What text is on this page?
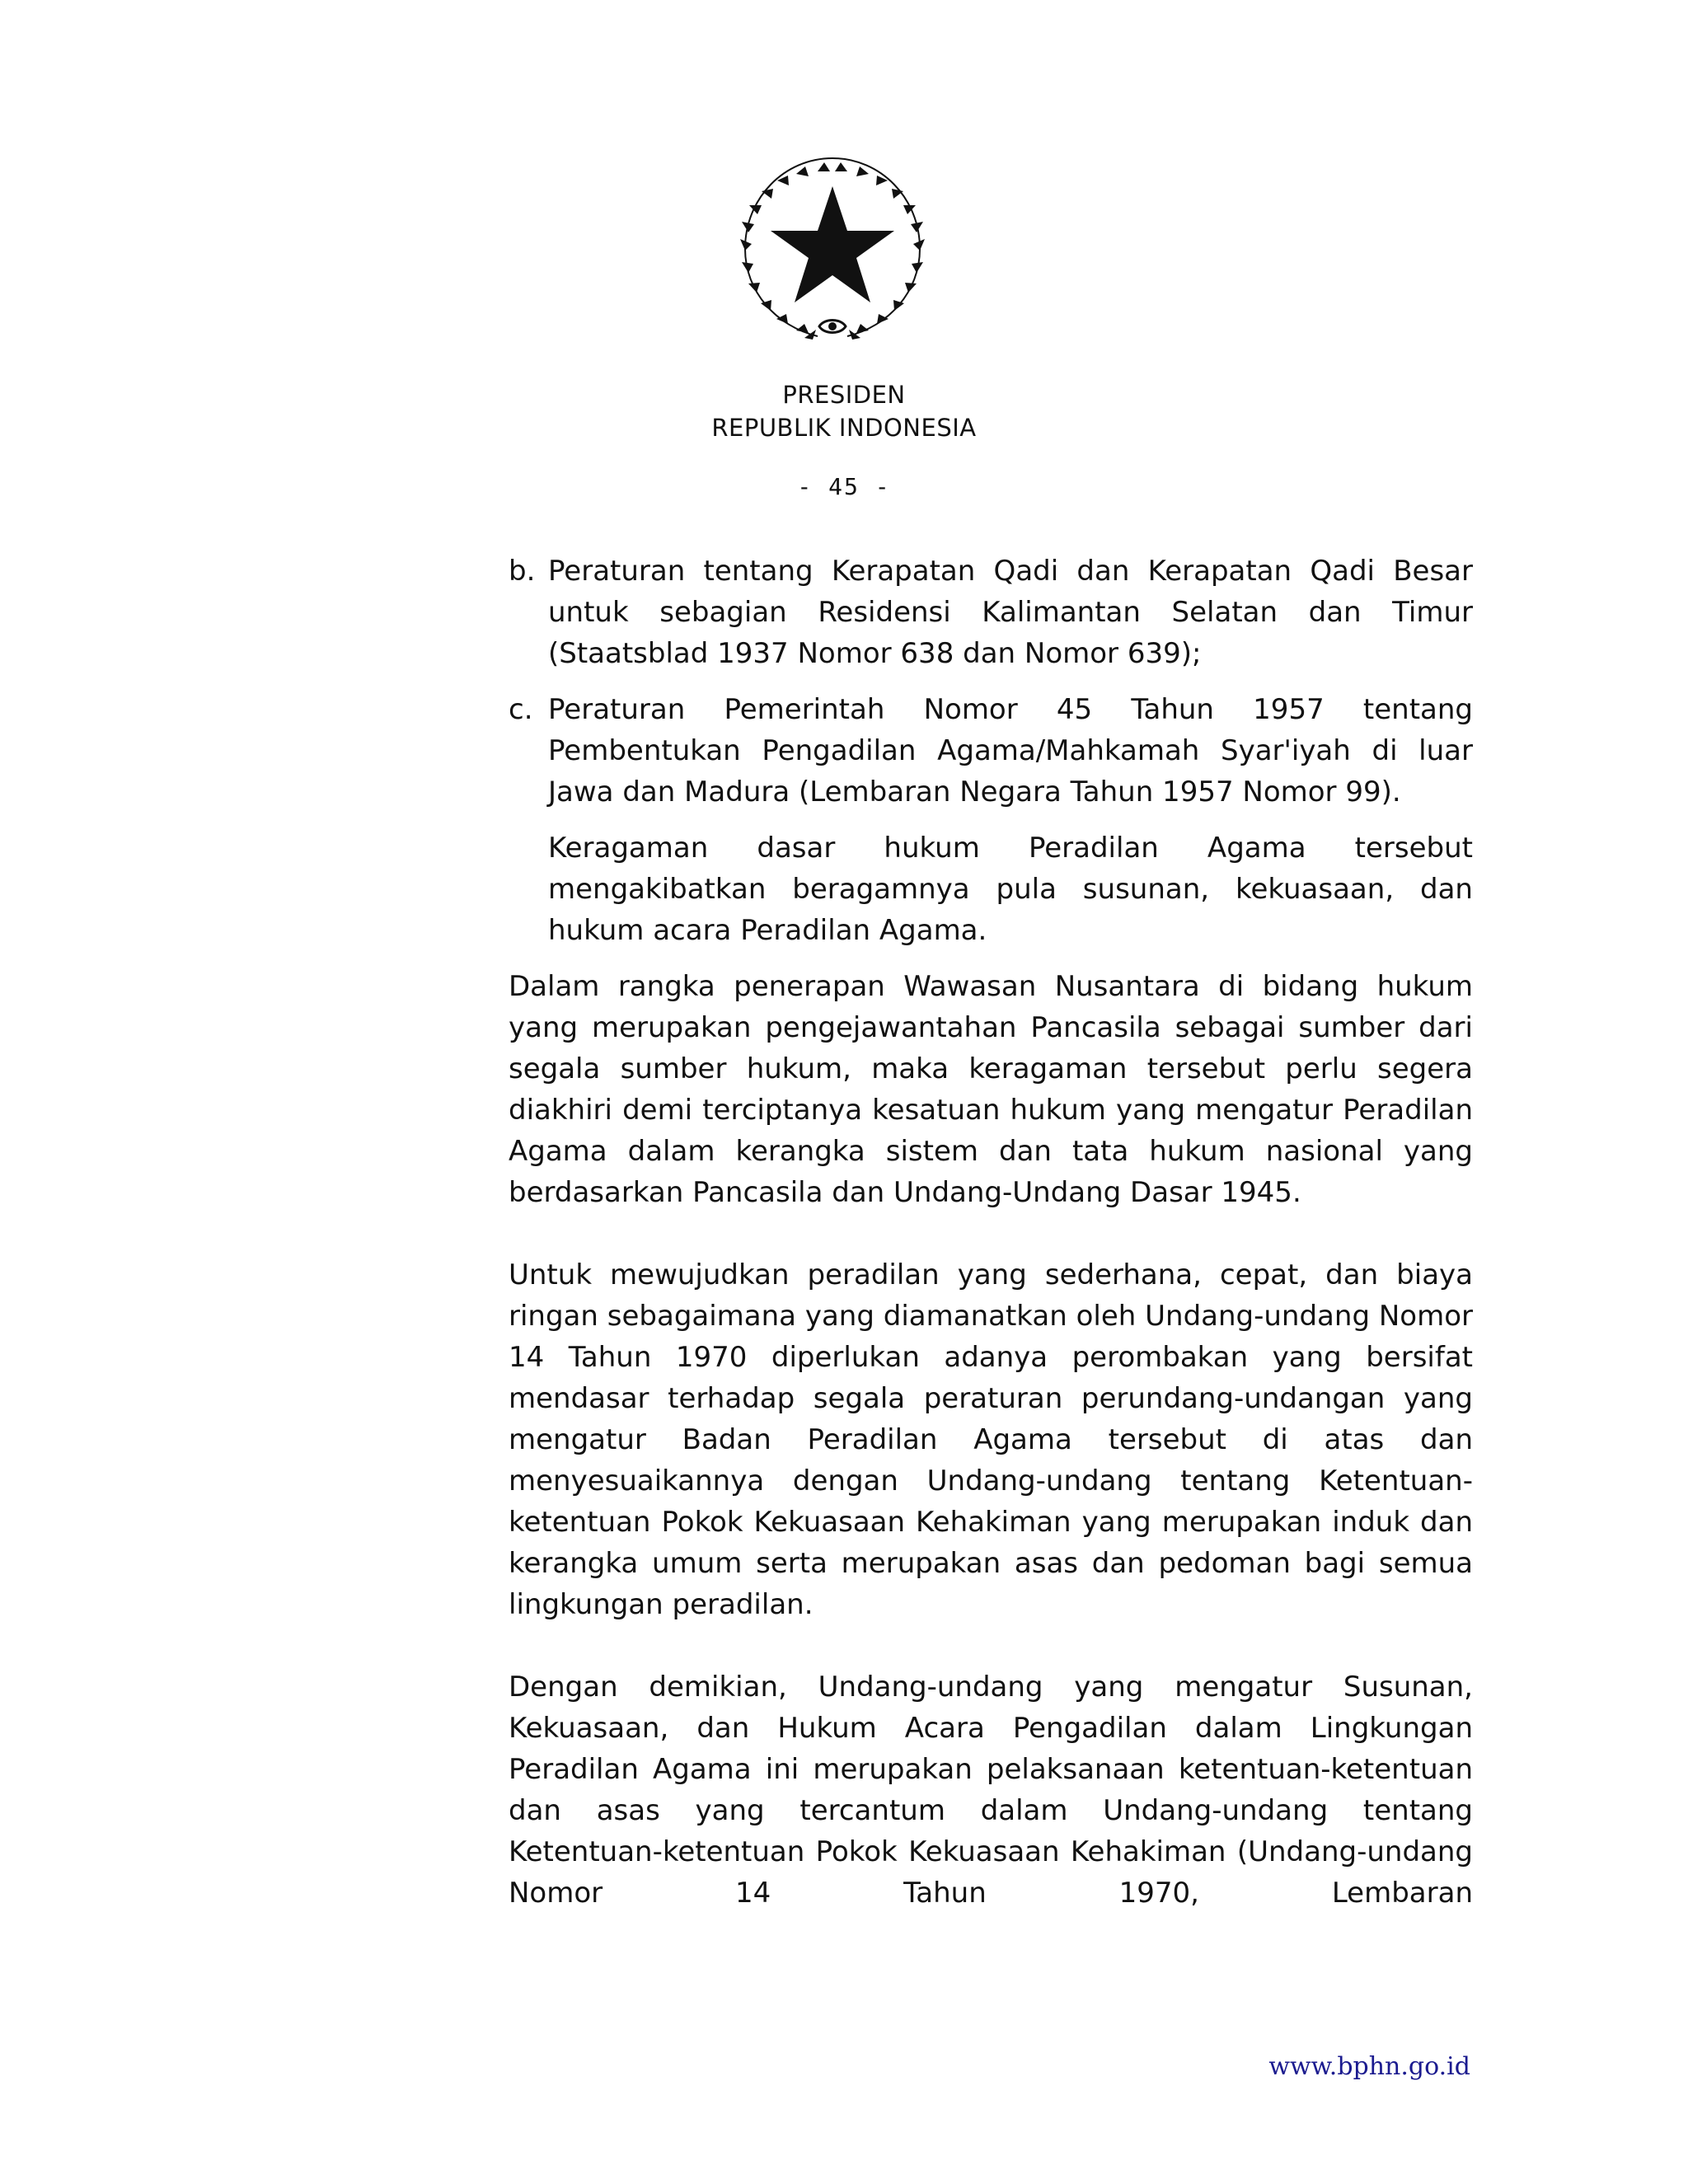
PRESIDEN
REPUBLIK INDONESIA
- 45 -
b. Peraturan tentang Kerapatan Qadi dan Kerapatan Qadi Besar untuk sebagian Residensi Kalimantan Selatan dan Timur (Staatsblad 1937 Nomor 638 dan Nomor 639);
c. Peraturan Pemerintah Nomor 45 Tahun 1957 tentang Pembentukan Pengadilan Agama/Mahkamah Syar'iyah di luar Jawa dan Madura (Lembaran Negara Tahun 1957 Nomor 99).
Keragaman dasar hukum Peradilan Agama tersebut mengakibatkan beragamnya pula susunan, kekuasaan, dan hukum acara Peradilan Agama.
Dalam rangka penerapan Wawasan Nusantara di bidang hukum yang merupakan pengejawantahan Pancasila sebagai sumber dari segala sumber hukum, maka keragaman tersebut perlu segera diakhiri demi terciptanya kesatuan hukum yang mengatur Peradilan Agama dalam kerangka sistem dan tata hukum nasional yang berdasarkan Pancasila dan Undang-Undang Dasar 1945.
Untuk mewujudkan peradilan yang sederhana, cepat, dan biaya ringan sebagaimana yang diamanatkan oleh Undang-undang Nomor 14 Tahun 1970 diperlukan adanya perombakan yang bersifat mendasar terhadap segala peraturan perundang-undangan yang mengatur Badan Peradilan Agama tersebut di atas dan menyesuaikannya dengan Undang-undang tentang Ketentuan-ketentuan Pokok Kekuasaan Kehakiman yang merupakan induk dan kerangka umum serta merupakan asas dan pedoman bagi semua lingkungan peradilan.
Dengan demikian, Undang-undang yang mengatur Susunan, Kekuasaan, dan Hukum Acara Pengadilan dalam Lingkungan Peradilan Agama ini merupakan pelaksanaan ketentuan-ketentuan dan asas yang tercantum dalam Undang-undang tentang Ketentuan-ketentuan Pokok Kekuasaan Kehakiman (Undang-undang Nomor 14 Tahun 1970, Lembaran
www.bphn.go.id
